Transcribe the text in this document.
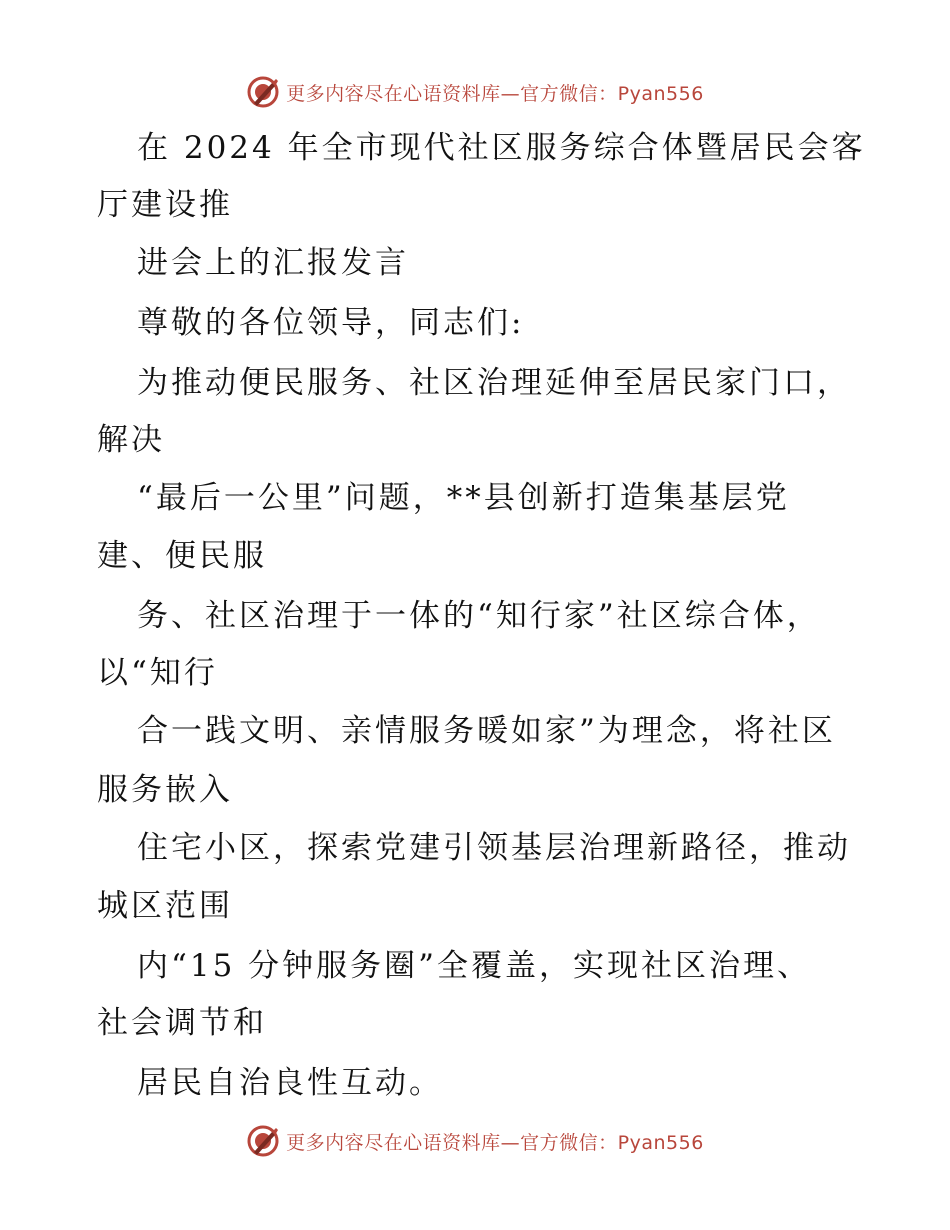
更多内容尽在心语资料库—官方微信：Pyan556
在 2024 年全市现代社区服务综合体暨居民会客
厅建设推
进会上的汇报发言
尊敬的各位领导，同志们:
为推动便民服务、社区治理延伸至居民家门口，
解决
“最后一公里”问题，**县创新打造集基层党
建、便民服
务、社区治理于一体的“知行家”社区综合体，
以“知行
合一践文明、亲情服务暖如家”为理念，将社区
服务嵌入
住宅小区，探索党建引领基层治理新路径，推动
城区范围
内“15 分钟服务圈”全覆盖，实现社区治理、
社会调节和
居民自治良性互动。
更多内容尽在心语资料库—官方微信：Pyan556
